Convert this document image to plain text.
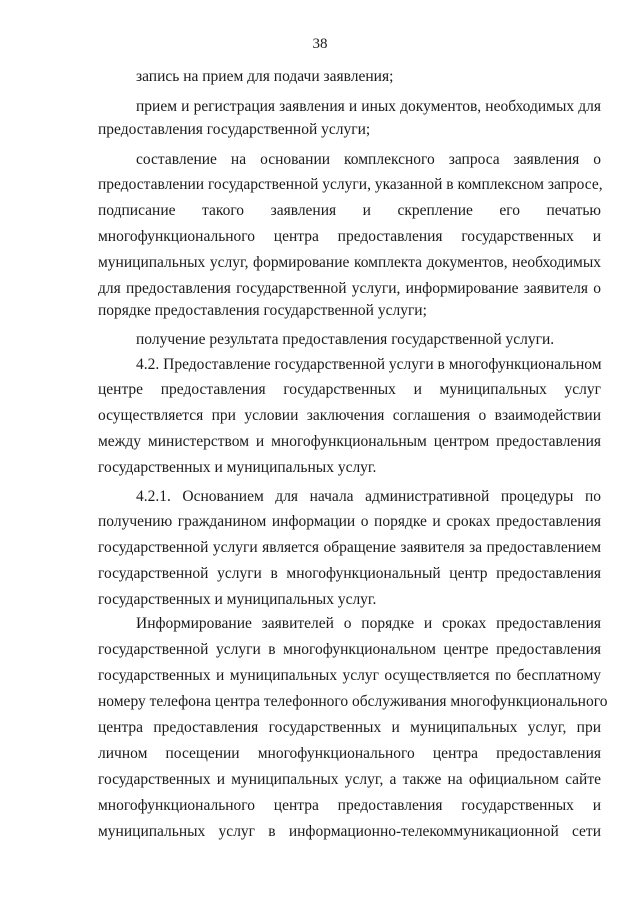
38
запись на прием для подачи заявления;
прием и регистрация заявления и иных документов, необходимых для
предоставления государственной услуги;
составление на основании комплексного запроса заявления о
предоставлении государственной услуги, указанной в комплексном запросе,
подписание такого заявления и скрепление его печатью
многофункционального центра предоставления государственных и
муниципальных услуг, формирование комплекта документов, необходимых
для предоставления государственной услуги, информирование заявителя о
порядке предоставления государственной услуги;
получение результата предоставления государственной услуги.
4.2. Предоставление государственной услуги в многофункциональном
центре предоставления государственных и муниципальных услуг
осуществляется при условии заключения соглашения о взаимодействии
между министерством и многофункциональным центром предоставления
государственных и муниципальных услуг.
4.2.1. Основанием для начала административной процедуры по
получению гражданином информации о порядке и сроках предоставления
государственной услуги является обращение заявителя за предоставлением
государственной услуги в многофункциональный центр предоставления
государственных и муниципальных услуг.
Информирование заявителей о порядке и сроках предоставления
государственной услуги в многофункциональном центре предоставления
государственных и муниципальных услуг осуществляется по бесплатному
номеру телефона центра телефонного обслуживания многофункционального
центра предоставления государственных и муниципальных услуг, при
личном посещении многофункционального центра предоставления
государственных и муниципальных услуг, а также на официальном сайте
многофункционального центра предоставления государственных и
муниципальных услуг в информационно-телекоммуникационной сети
